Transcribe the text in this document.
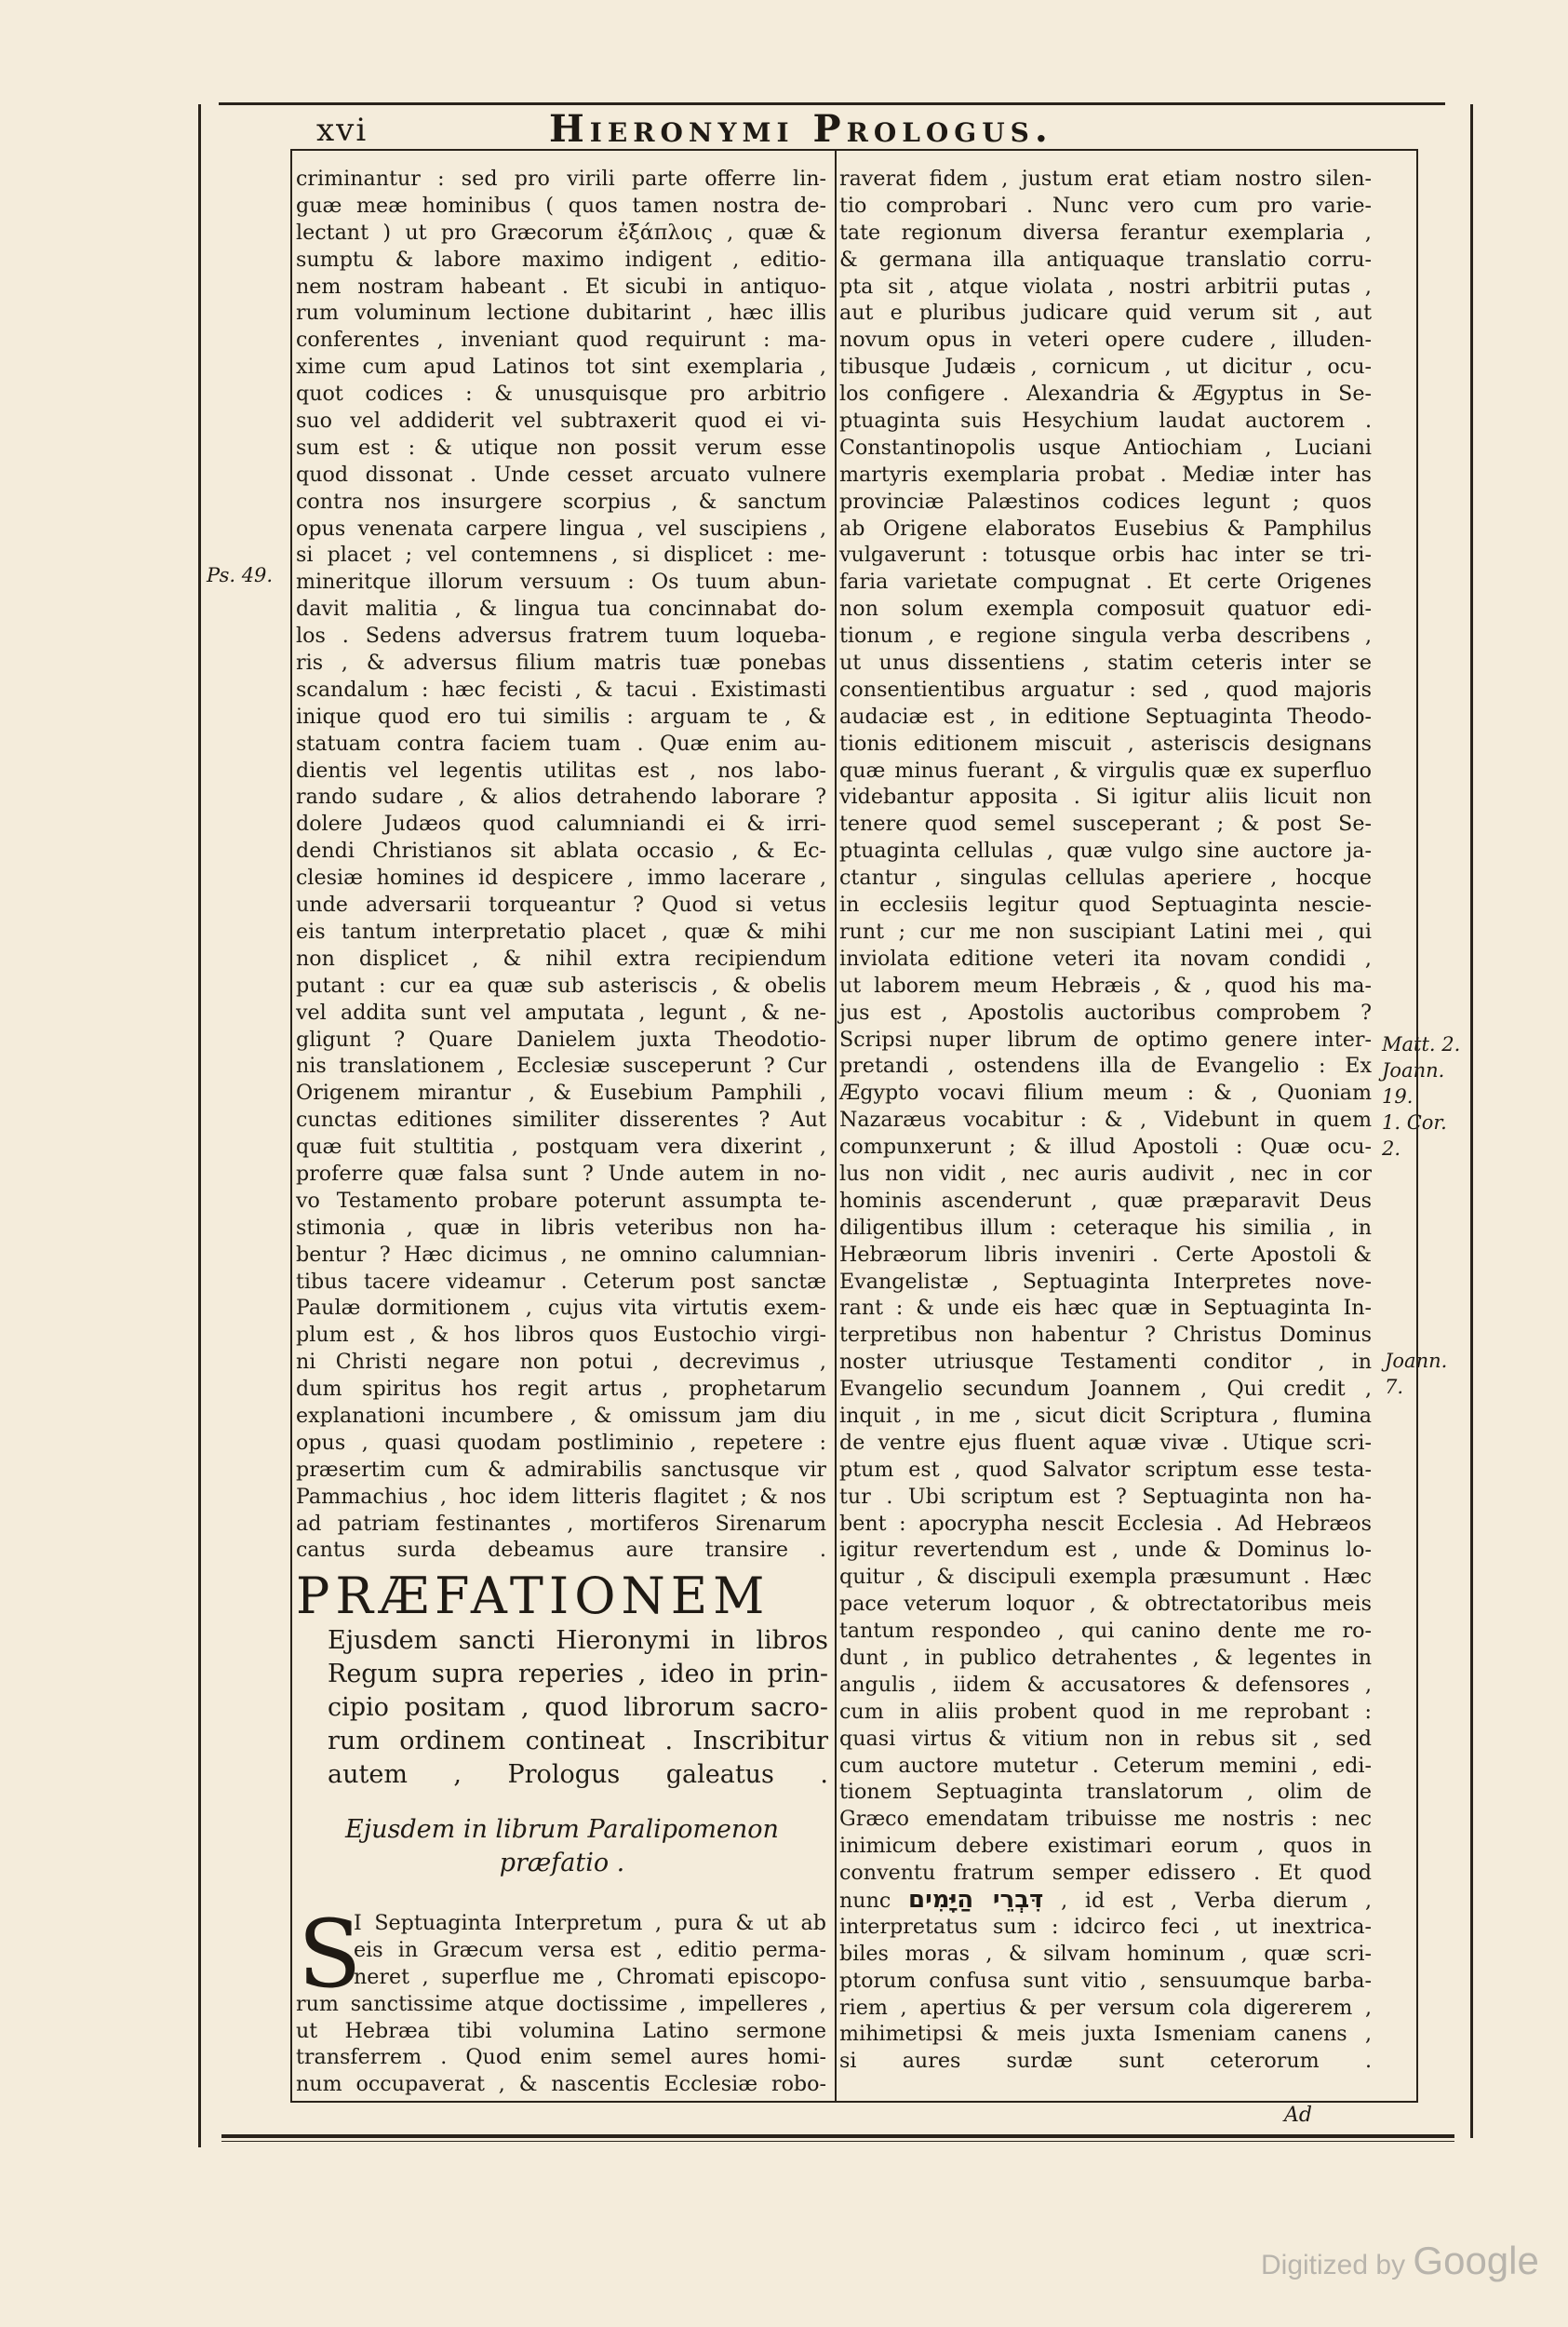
xvi	Hieronymi Prologus.
criminantur : sed pro virili parte offerre lin-
guæ meæ hominibus ( quos tamen nostra de-
lectant ) ut pro Græcorum ἐξάπλοις , quæ &
sumptu & labore maximo indigent , editio-
nem nostram habeant . Et sicubi in antiquo-
rum voluminum lectione dubitarint , hæc illis
conferentes , inveniant quod requirunt : ma-
xime cum apud Latinos tot sint exemplaria ,
quot codices : & unusquisque pro arbitrio
suo vel addiderit vel subtraxerit quod ei vi-
sum est : & utique non possit verum esse
quod dissonat . Unde cesset arcuato vulnere
contra nos insurgere scorpius , & sanctum
opus venenata carpere lingua , vel suscipiens ,
si placet ; vel contemnens , si displicet : me-
mineritque illorum versuum : Os tuum abun-
davit malitia , & lingua tua concinnabat do-
los . Sedens adversus fratrem tuum loqueba-
ris , & adversus filium matris tuæ ponebas
scandalum : hæc fecisti , & tacui . Existimasti
inique quod ero tui similis : arguam te , &
statuam contra faciem tuam . Quæ enim au-
dientis vel legentis utilitas est , nos labo-
rando sudare , & alios detrahendo laborare ?
dolere Judæos quod calumniandi ei & irri-
dendi Christianos sit ablata occasio , & Ec-
clesiæ homines id despicere , immo lacerare ,
unde adversarii torqueantur ? Quod si vetus
eis tantum interpretatio placet , quæ & mihi
non displicet , & nihil extra recipiendum
putant : cur ea quæ sub asteriscis , & obelis
vel addita sunt vel amputata , legunt , & ne-
gligunt ? Quare Danielem juxta Theodotio-
nis translationem , Ecclesiæ susceperunt ? Cur
Origenem mirantur , & Eusebium Pamphili ,
cunctas editiones similiter disserentes ? Aut
quæ fuit stultitia , postquam vera dixerint ,
proferre quæ falsa sunt ? Unde autem in no-
vo Testamento probare poterunt assumpta te-
stimonia , quæ in libris veteribus non ha-
bentur ? Hæc dicimus , ne omnino calumnian-
tibus tacere videamur . Ceterum post sanctæ
Paulæ dormitionem , cujus vita virtutis exem-
plum est , & hos libros quos Eustochio virgi-
ni Christi negare non potui , decrevimus ,
dum spiritus hos regit artus , prophetarum
explanationi incumbere , & omissum jam diu
opus , quasi quodam postliminio , repetere :
præsertim cum & admirabilis sanctusque vir
Pammachius , hoc idem litteris flagitet ; & nos
ad patriam festinantes , mortiferos Sirenarum
cantus surda debeamus aure transire .
raverat fidem , justum erat etiam nostro silen-
tio comprobari . Nunc vero cum pro varie-
tate regionum diversa ferantur exemplaria ,
& germana illa antiquaque translatio corru-
pta sit , atque violata , nostri arbitrii putas ,
aut e pluribus judicare quid verum sit , aut
novum opus in veteri opere cudere , illuden-
tibusque Judæis , cornicum , ut dicitur , ocu-
los configere . Alexandria & Ægyptus in Se-
ptuaginta suis Hesychium laudat auctorem .
Constantinopolis usque Antiochiam , Luciani
martyris exemplaria probat . Mediæ inter has
provinciæ Palæstinos codices legunt ; quos
ab Origene elaboratos Eusebius & Pamphilus
vulgaverunt : totusque orbis hac inter se tri-
faria varietate compugnat . Et certe Origenes
non solum exempla composuit quatuor edi-
tionum , e regione singula verba describens ,
ut unus dissentiens , statim ceteris inter se
consentientibus arguatur : sed , quod majoris
audaciæ est , in editione Septuaginta Theodo-
tionis editionem miscuit , asteriscis designans
quæ minus fuerant , & virgulis quæ ex superfluo
videbantur apposita . Si igitur aliis licuit non
tenere quod semel susceperant ; & post Se-
ptuaginta cellulas , quæ vulgo sine auctore ja-
ctantur , singulas cellulas aperiere , hocque
in ecclesiis legitur quod Septuaginta nescie-
runt ; cur me non suscipiant Latini mei , qui
inviolata editione veteri ita novam condidi ,
ut laborem meum Hebræis , & , quod his ma-
jus est , Apostolis auctoribus comprobem ?
Scripsi nuper librum de optimo genere inter-
pretandi , ostendens illa de Evangelio : Ex
Ægypto vocavi filium meum : & , Quoniam
Nazaræus vocabitur : & , Videbunt in quem
compunxerunt ; & illud Apostoli : Quæ ocu-
lus non vidit , nec auris audivit , nec in cor
hominis ascenderunt , quæ præparavit Deus
diligentibus illum : ceteraque his similia , in
Hebræorum libris inveniri . Certe Apostoli &
Evangelistæ , Septuaginta Interpretes nove-
rant : & unde eis hæc quæ in Septuaginta In-
terpretibus non habentur ? Christus Dominus
noster utriusque Testamenti conditor , in
Evangelio secundum Joannem , Qui credit ,
inquit , in me , sicut dicit Scriptura , flumina
de ventre ejus fluent aquæ vivæ . Utique scri-
ptum est , quod Salvator scriptum esse testa-
tur . Ubi scriptum est ? Septuaginta non ha-
bent : apocrypha nescit Ecclesia . Ad Hebræos
igitur revertendum est , unde & Dominus lo-
quitur , & discipuli exempla præsumunt . Hæc
pace veterum loquor , & obtrectatoribus meis
tantum respondeo , qui canino dente me ro-
dunt , in publico detrahentes , & legentes in
angulis , iidem & accusatores & defensores ,
cum in aliis probent quod in me reprobant :
quasi virtus & vitium non in rebus sit , sed
cum auctore mutetur . Ceterum memini , edi-
tionem Septuaginta translatorum , olim de
Græco emendatam tribuisse me nostris : nec
inimicum debere existimari eorum , quos in
conventu fratrum semper edissero . Et quod
nunc דִּבְרֵי הַיָּמִים , id est , Verba dierum ,
interpretatus sum : idcirco feci , ut inextrica-
biles moras , & silvam hominum , quæ scri-
ptorum confusa sunt vitio , sensuumque barba-
riem , apertius & per versum cola digererem ,
mihimetipsi & meis juxta Ismeniam canens ,
si aures surdæ sunt ceterorum .
PRÆFATIONEM
Ejusdem sancti Hieronymi in libros
Regum supra reperies , ideo in prin-
cipio positam , quod librorum sacro-
rum ordinem contineat . Inscribitur
autem , Prologus galeatus .
Ejusdem in librum Paralipomenon
præfatio .
S
I Septuaginta Interpretum , pura & ut ab
eis in Græcum versa est , editio perma-
neret , superflue me , Chromati episcopo-
rum sanctissime atque doctissime , impelleres ,
ut Hebræa tibi volumina Latino sermone
transferrem . Quod enim semel aures homi-
num occupaverat , & nascentis Ecclesiæ robo-
Ps. 49.
Matt. 2.
Joann.
19.
1. Cor.
2.
Joann.
7.
Ad
Digitized by Google
